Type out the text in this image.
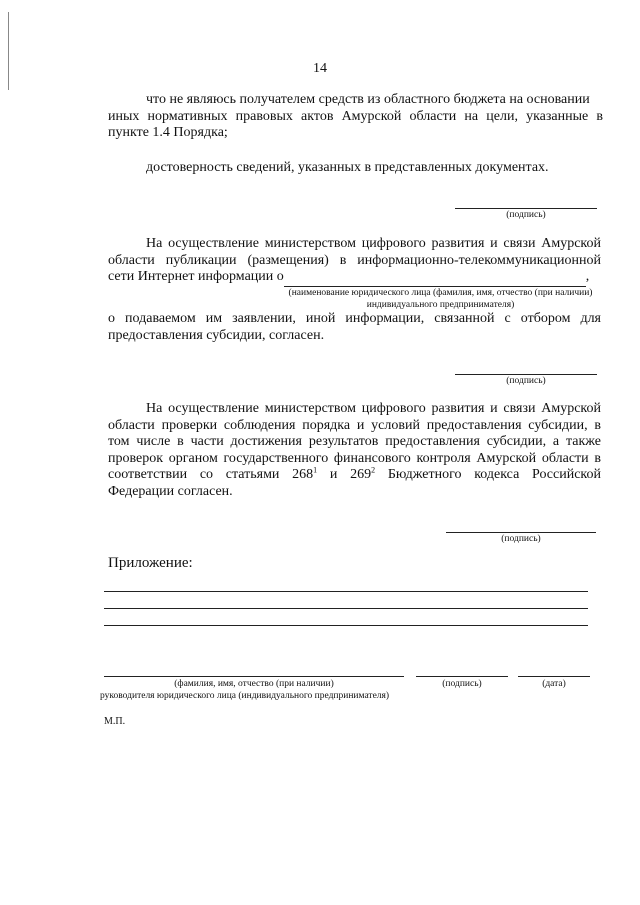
14
что не являюсь получателем средств из областного бюджета на основании
иных нормативных правовых актов Амурской области на цели, указанные в
пункте 1.4 Порядка;
достоверность сведений, указанных в представленных документах.
(подпись)
На осуществление министерством цифрового развития и связи Амурской
области публикации (размещения) в информационно-телекоммуникационной
сети Интернет информации о	,
(наименование юридического лица (фамилия, имя, отчество (при наличии)
индивидуального предпринимателя)
о подаваемом им заявлении, иной информации, связанной с отбором для
предоставления субсидии, согласен.
(подпись)
На осуществление министерством цифрового развития и связи Амурской
области проверки соблюдения порядка и условий предоставления субсидии, в
том числе в части достижения результатов предоставления субсидии, а также
проверок органом государственного финансового контроля Амурской области в
соответствии со статьями $268^1$ и $269^2$ Бюджетного кодекса Российской
Федерации согласен.
(подпись)
Приложение:
(фамилия, имя, отчество (при наличии)	(подпись)	(дата)
руководителя юридического лица (индивидуального предпринимателя)
М.П.
